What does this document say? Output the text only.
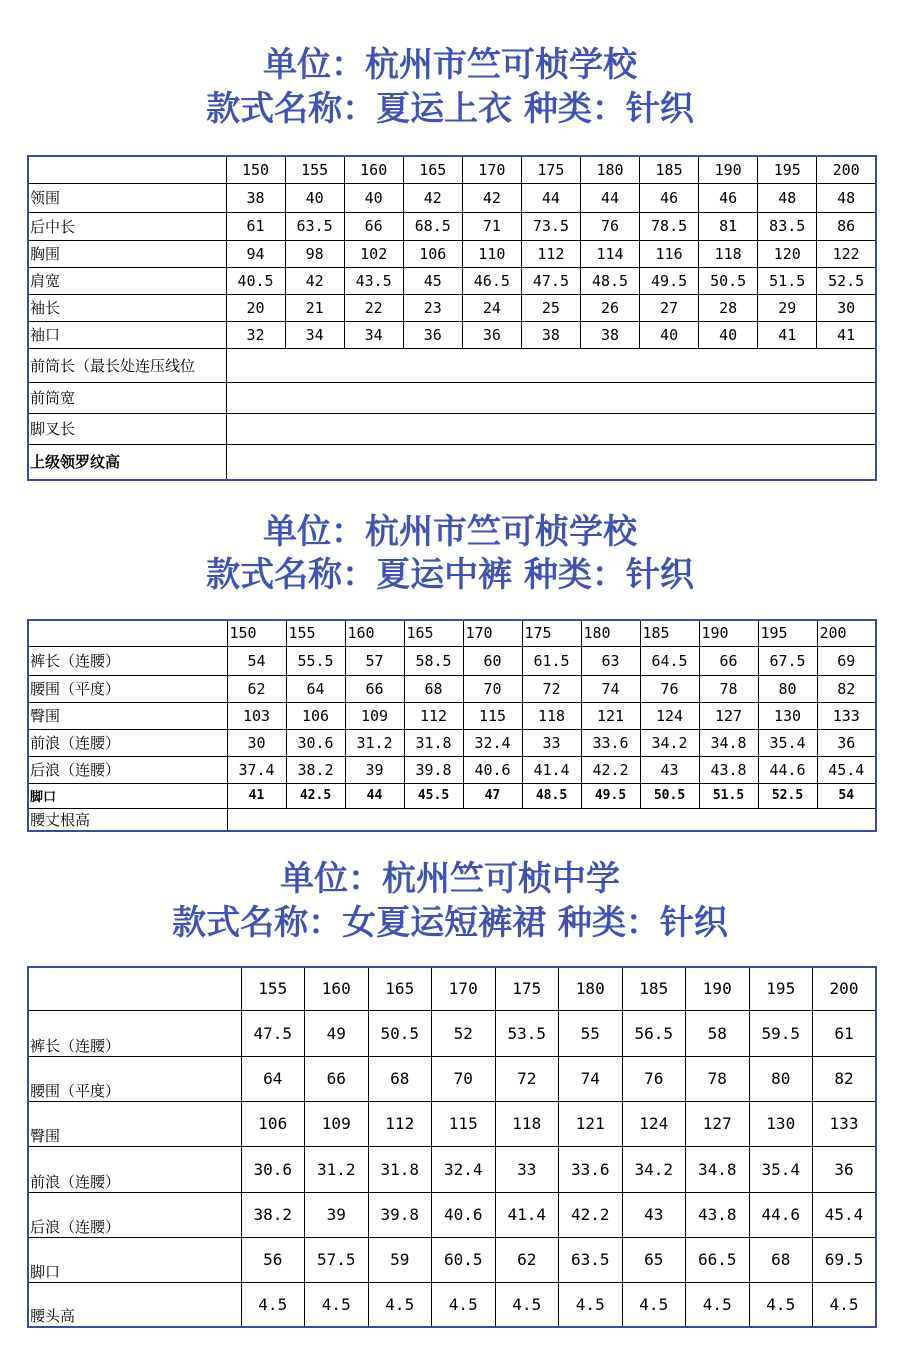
单位：杭州市竺可桢学校
款式名称：夏运上衣 种类：针织
	150	155	160	165	170	175	180	185	190	195	200
领围	38	40	40	42	42	44	44	46	46	48	48
后中长	61	63.5	66	68.5	71	73.5	76	78.5	81	83.5	86
胸围	94	98	102	106	110	112	114	116	118	120	122
肩宽	40.5	42	43.5	45	46.5	47.5	48.5	49.5	50.5	51.5	52.5
袖长	20	21	22	23	24	25	26	27	28	29	30
袖口	32	34	34	36	36	38	38	40	40	41	41
前筒长（最长处连压线位											
前筒宽											
脚叉长											
上级领罗纹高											
单位：杭州市竺可桢学校
款式名称：夏运中裤 种类：针织
	150	155	160	165	170	175	180	185	190	195	200
裤长（连腰）	54	55.5	57	58.5	60	61.5	63	64.5	66	67.5	69
腰围（平度）	62	64	66	68	70	72	74	76	78	80	82
臀围	103	106	109	112	115	118	121	124	127	130	133
前浪（连腰）	30	30.6	31.2	31.8	32.4	33	33.6	34.2	34.8	35.4	36
后浪（连腰）	37.4	38.2	39	39.8	40.6	41.4	42.2	43	43.8	44.6	45.4
脚口	41	42.5	44	45.5	47	48.5	49.5	50.5	51.5	52.5	54
腰丈根高											
单位：杭州竺可桢中学
款式名称：女夏运短裤裙 种类：针织
	155	160	165	170	175	180	185	190	195	200
裤长（连腰）	47.5	49	50.5	52	53.5	55	56.5	58	59.5	61
腰围（平度）	64	66	68	70	72	74	76	78	80	82
臀围	106	109	112	115	118	121	124	127	130	133
前浪（连腰）	30.6	31.2	31.8	32.4	33	33.6	34.2	34.8	35.4	36
后浪（连腰）	38.2	39	39.8	40.6	41.4	42.2	43	43.8	44.6	45.4
脚口	56	57.5	59	60.5	62	63.5	65	66.5	68	69.5
腰头高	4.5	4.5	4.5	4.5	4.5	4.5	4.5	4.5	4.5	4.5
